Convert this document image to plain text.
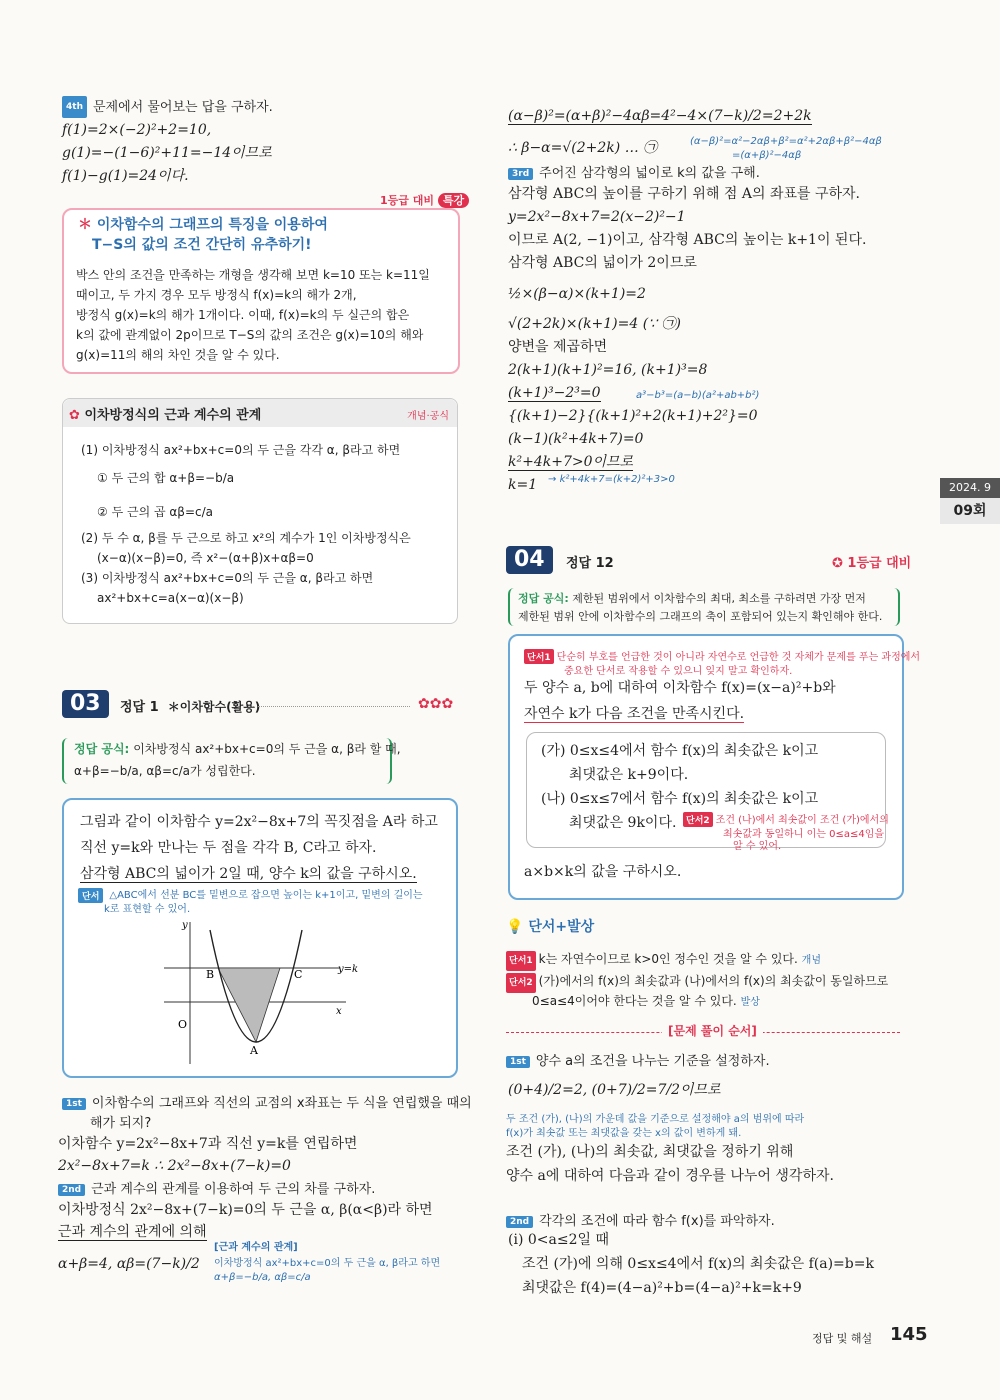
4th 문제에서 물어보는 답을 구하자.
f(1)=2×(−2)²+2=10,
g(1)=−(1−6)²+11=−14이므로
f(1)−g(1)=24이다.
1등급 대비 특강
＊ 이차함수의 그래프의 특징을 이용하여
T−S의 값의 조건 간단히 유추하기!
박스 안의 조건을 만족하는 개형을 생각해 보면 k=10 또는 k=11일
때이고, 두 가지 경우 모두 방정식 f(x)=k의 해가 2개,
방정식 g(x)=k의 해가 1개이다. 이때, f(x)=k의 두 실근의 합은
k의 값에 관계없이 2p이므로 T−S의 값의 조건은 g(x)=10의 해와
g(x)=11의 해의 차인 것을 알 수 있다.
✿ 이차방정식의 근과 계수의 관계	개념·공식
(1) 이차방정식 ax²+bx+c=0의 두 근을 각각 α, β라고 하면
① 두 근의 합 α+β=−b/a
② 두 근의 곱 αβ=c/a
(2) 두 수 α, β를 두 근으로 하고 x²의 계수가 1인 이차방정식은
(x−α)(x−β)=0, 즉 x²−(α+β)x+αβ=0
(3) 이차방정식 ax²+bx+c=0의 두 근을 α, β라고 하면
ax²+bx+c=a(x−α)(x−β)
03	정답 1 ＊이차함수(활용)	✿✿✿
정답 공식: 이차방정식 ax²+bx+c=0의 두 근을 α, β라 할 때,
α+β=−b/a, αβ=c/a가 성립한다.
그림과 같이 이차함수 y=2x²−8x+7의 꼭짓점을 A라 하고
직선 y=k와 만나는 두 점을 각각 B, C라고 하자.
삼각형 ABC의 넓이가 2일 때, 양수 k의 값을 구하시오.
단서 △ABC에서 선분 BC를 밑변으로 잡으면 높이는 k+1이고, 밑변의 길이는
k로 표현할 수 있어.
y
x
O
B	C
A
y=k
1st 이차함수의 그래프와 직선의 교점의 x좌표는 두 식을 연립했을 때의
해가 되지?
이차함수 y=2x²−8x+7과 직선 y=k를 연립하면
2x²−8x+7=k ∴ 2x²−8x+(7−k)=0
2nd 근과 계수의 관계를 이용하여 두 근의 차를 구하자.
이차방정식 2x²−8x+(7−k)=0의 두 근을 α, β(α<β)라 하면
근과 계수의 관계에 의해
α+β=4, αβ=(7−k)/2
[근과 계수의 관계]
이차방정식 ax²+bx+c=0의 두 근을 α, β라고 하면
α+β=−b/a, αβ=c/a
(α−β)²=(α+β)²−4αβ=4²−4×(7−k)/2=2+2k
∴ β−α=√(2+2k) … ㉠	(α−β)²=α²−2αβ+β²=α²+2αβ+β²−4αβ
=(α+β)²−4αβ
3rd 주어진 삼각형의 넓이로 k의 값을 구해.
삼각형 ABC의 높이를 구하기 위해 점 A의 좌표를 구하자.
y=2x²−8x+7=2(x−2)²−1
이므로 A(2, −1)이고, 삼각형 ABC의 높이는 k+1이 된다.
삼각형 ABC의 넓이가 2이므로
½×(β−α)×(k+1)=2
√(2+2k)×(k+1)=4 (∵ ㉠)
양변을 제곱하면
2(k+1)(k+1)²=16, (k+1)³=8
(k+1)³−2³=0	a³−b³=(a−b)(a²+ab+b²)
{(k+1)−2}{(k+1)²+2(k+1)+2²}=0
(k−1)(k²+4k+7)=0
k²+4k+7>0이므로
k=1 → k²+4k+7=(k+2)²+3>0
2024. 9
09회
04	정답 12	✪ 1등급 대비
정답 공식: 제한된 범위에서 이차함수의 최대, 최소를 구하려면 가장 먼저
제한된 범위 안에 이차함수의 그래프의 축이 포함되어 있는지 확인해야 한다.
단서1 단순히 부호를 언급한 것이 아니라 자연수로 언급한 것 자체가 문제를 푸는 과정에서
중요한 단서로 작용할 수 있으니 잊지 말고 확인하자.
두 양수 a, b에 대하여 이차함수 f(x)=(x−a)²+b와
자연수 k가 다음 조건을 만족시킨다.
(가) 0≤x≤4에서 함수 f(x)의 최솟값은 k이고
최댓값은 k+9이다.
(나) 0≤x≤7에서 함수 f(x)의 최솟값은 k이고
최댓값은 9k이다.	단서2 조건 (나)에서 최솟값이 조건 (가)에서의
최솟값과 동일하니 이는 0≤a≤4임을
알 수 있어.
a×b×k의 값을 구하시오.
💡 단서+발상
단서1 k는 자연수이므로 k>0인 정수인 것을 알 수 있다. 개념
단서2 (가)에서의 f(x)의 최솟값과 (나)에서의 f(x)의 최솟값이 동일하므로
0≤a≤4이어야 한다는 것을 알 수 있다. 발상
[문제 풀이 순서]
1st 양수 a의 조건을 나누는 기준을 설정하자.
(0+4)/2=2, (0+7)/2=7/2이므로
두 조건 (가), (나)의 가운데 값을 기준으로 설정해야 a의 범위에 따라
f(x)가 최솟값 또는 최댓값을 갖는 x의 값이 변하게 돼.
조건 (가), (나)의 최솟값, 최댓값을 정하기 위해
양수 a에 대하여 다음과 같이 경우를 나누어 생각하자.
2nd 각각의 조건에 따라 함수 f(x)를 파악하자.
(ⅰ) 0<a≤2일 때
조건 (가)에 의해 0≤x≤4에서 f(x)의 최솟값은 f(a)=b=k
최댓값은 f(4)=(4−a)²+b=(4−a)²+k=k+9
정답 및 해설 145
